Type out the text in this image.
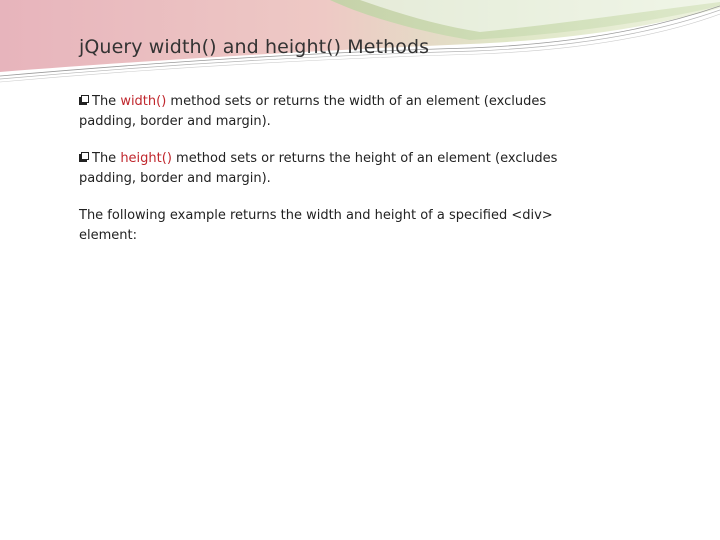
jQuery width() and height() Methods

The width() method sets or returns the width of an element (excludes padding, border and margin).

The height() method sets or returns the height of an element (excludes padding, border and margin).

The following example returns the width and height of a specified <div> element:
